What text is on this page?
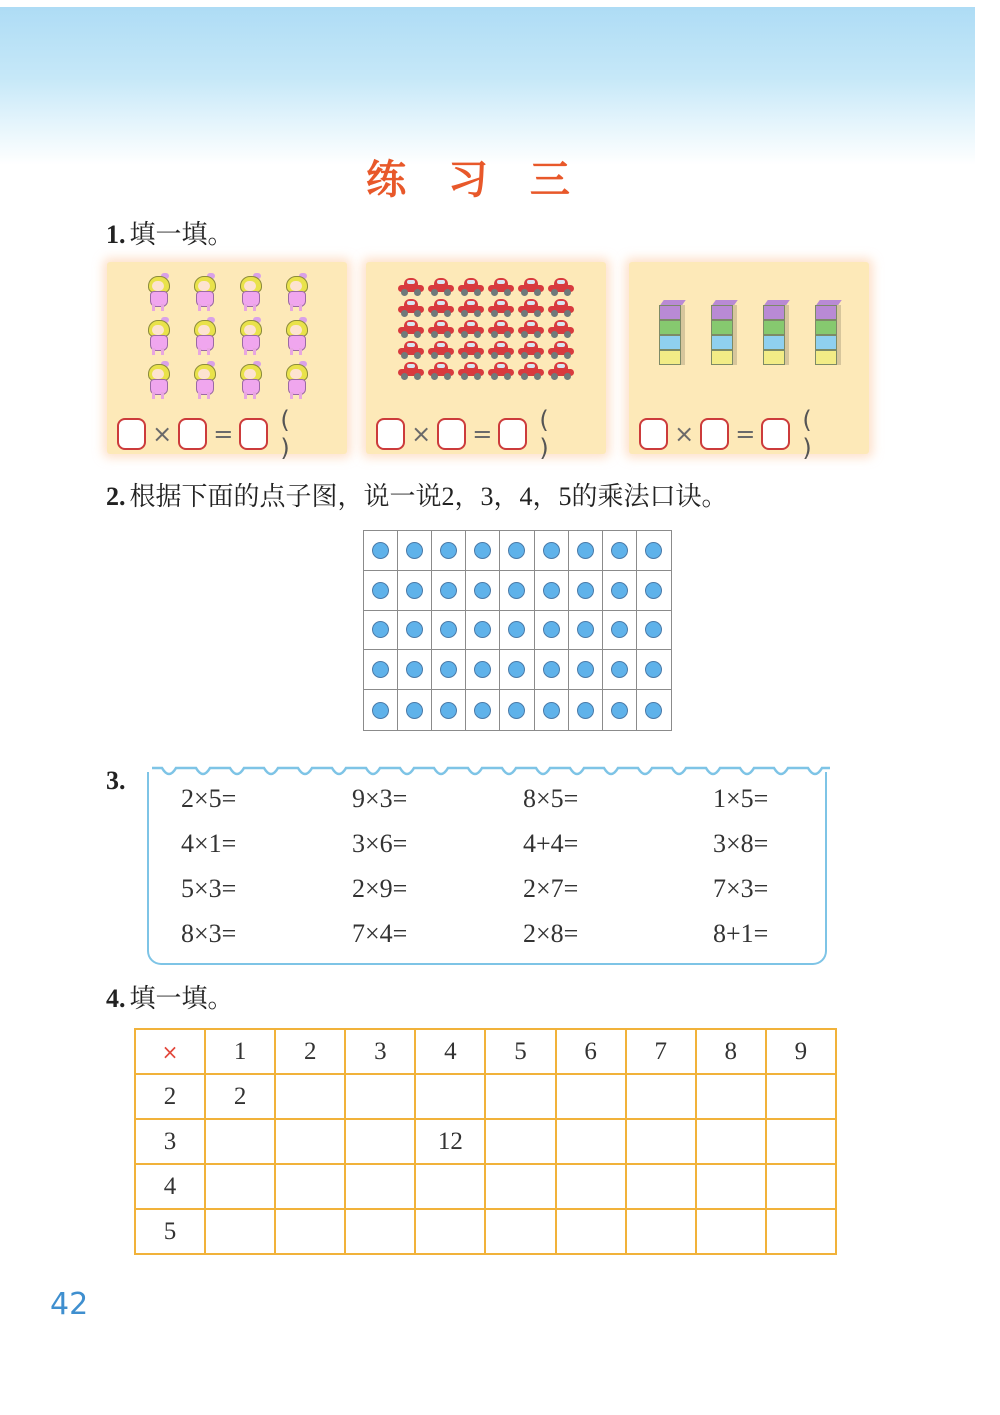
练 习 三
1. 填一填。
× = ( )	× = ( )	× = ( )
2. 根据下面的点子图，说一说2，3，4，5的乘法口诀。
3.
2×5=	9×3=	8×5=	1×5=
4×1=	3×6=	4+4=	3×8=
5×3=	2×9=	2×7=	7×3=
8×3=	7×4=	2×8=	8+1=
4. 填一填。
×	1	2	3	4	5	6	7	8	9
2	2								
3				12					
4									
5									
42
